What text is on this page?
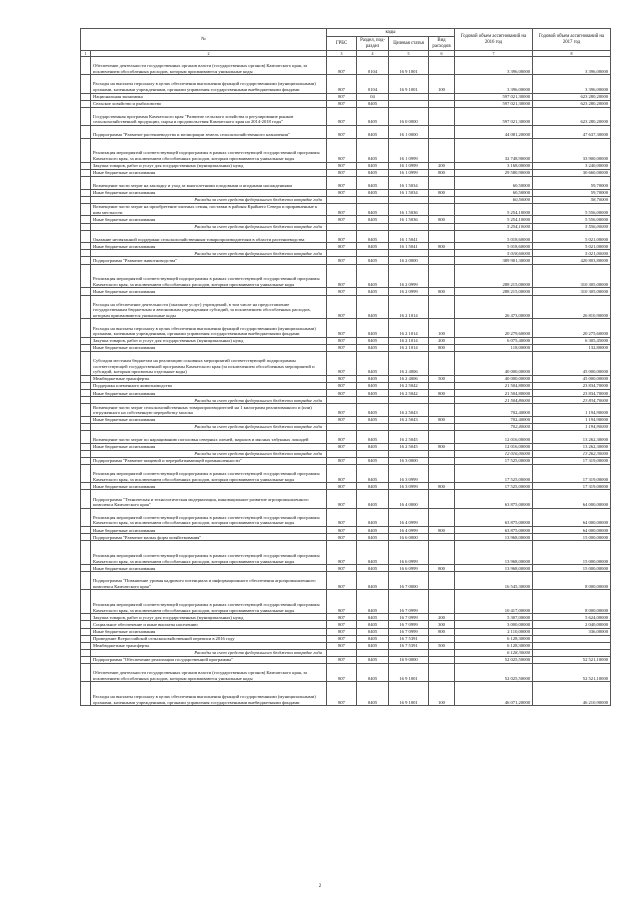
№		коды				Годовой объем ассигнований на 2016 год	Годовой объем ассигнований на 2017 год
		ГРБС	Раздел, под-раздел	Целевая статья	Вид расходов		
1	2	3	4	5	6	7	8
	Обеспечение деятельности государственных органов власти (государственных органов) Камчатского края, за исключением обособленных расходов, которым присваиваются уникальные коды	807	0104	16 9 1001		3 396,00000	3 396,00000
	Расходы на выплаты персоналу в целях обеспечения выполнения функций государственными (муниципальными) органами, казенными учреждениями, органами управления государственными внебюджетными фондами	807	0104	16 9 1001	100	3 396,00000	3 396,00000
	Национальная экономика	807	04			597 021,30000	623 280,20000
	Сельское хозяйство и рыболовство	807	0405			597 021,30000	623 280,20000
	Государственная программа Камчатского края "Развитие сельского хозяйства и регулирование рынков сельскохозяйственной продукции, сырья и продовольствия Камчатского края на 2014-2018 годы"	807	0405	16 0 0000		597 021,30000	623 280,20000
	Подпрограмма "Развитие растениеводства и мелиорации земель сельскохозяйственного назначения"	807	0405	16 1 0000		44 081,20000	47 637,30000
	Реализация мероприятий соответствующей подпрограммы в рамках соответствующей государственной программы Камчатского края, за исключением обособленных расходов, которым присваиваются уникальные коды	807	0405	16 1 0999		32 748,90000	33 900,00000
	Закупка товаров, работ и услуг для государственных (муниципальных) нужд	807	0405	16 1 0999	200	3 168,00000	3 240,00000
	Иные бюджетные ассигнования	807	0405	16 1 0999	800	29 580,90000	30 660,00000
	Возмещение части затрат на закладку и уход за многолетними плодовыми и ягодными насаждениями	807	0405	16 1 5034		60,50000	59,70000
	Иные бюджетные ассигнования	807	0405	16 1 5034	800	60,50000	59,70000
	Расходы за счет средств федерального бюджета вотрядке года					60,50000	58,70000
	Возмещение части затрат на приобретение элитных семян, поставки в районы Крайнего Севера и приравненные к ним местности	807	0405	16 1 5036		5 254,10000	5 556,00000
	Иные бюджетные ассигнования	807	0405	16 1 5036	800	5 254,10000	5 556,00000
	Расходы за счет средств федерального бюджета вотрядке года					5 254,10000	5 556,00000
	Оказание несвязанной поддержки сельскохозяйственным товаропроизводителям в области растениеводства	807	0405	16 1 5041		5 018,60000	5 021,00000
	Иные бюджетные ассигнования	807	0405	16 1 5041	800	5 018,60000	5 021,00000
	Расходы за счет средств федерального бюджета вотрядке года					5 018,60000	5 021,00000
	Подпрограмма "Развитие животноводства"	807	0405	16 2 0000		389 901,30000	420 803,80000
	Реализация мероприятий соответствующей подпрограммы в рамках соответствующей государственной программы Камчатского края, за исключением обособленных расходов, которым присваиваются уникальные коды	807	0405	16 2 0999		288 215,00000	310 305,00000
	Иные бюджетные ассигнования	807	0405	16 2 0999	800	288 215,00000	310 305,00000
	Расходы на обеспечение деятельности (оказание услуг) учреждений, в том числе на предоставление государственным бюджетным и автономным учреждениям субсидий, за исключением обособленных расходов, которым присваиваются уникальные коды	807	0405	16 2 1014		26 473,00000	26 810,90000
	Расходы на выплаты персоналу в целях обеспечения выполнения функций государственными (муниципальными) органами, казенными учреждениями, органами управления государственными внебюджетными фондами	807	0405	16 2 1014	100	20 279,60000	20 275,60000
	Закупка товаров, работ и услуг для государственных (муниципальных) нужд	807	0405	16 2 1014	200	6 075,40000	6 305,45000
	Иные бюджетные ассигнования	807	0405	16 2 1014	800	118,00000	132,80000
	Субсидии местным бюджетам на реализацию основных мероприятий соответствующей подпрограммы соответствующей государственной программы Камчатского края (за исключением обособленных мероприятий и субсидий, которым присвоены отдельные коды)	807	0405	16 2 4006		40 000,00000	45 000,00000
	Межбюджетные трансферты	807	0405	16 2 4006	500	40 000,00000	45 000,00000
	Поддержка племенного животноводства	807	0405	16 2 5042		21 504,80000	23 834,70000
	Иные бюджетные ассигнования	807	0405	16 2 5042	800	21 504,80000	23 834,70000
	Расходы за счет средств федерального бюджета вотрядке года					21 504,80000	23 834,70000
	Возмещение части затрат сельскохозяйственных товаропроизводителей на 1 килограмм реализованного и (или) отгруженного на собственную переработку молока	807	0405	16 2 5043		702,40000	1 194,90000
	Иные бюджетные ассигнования	807	0405	16 2 5043	800	702,40000	1 194,90000
	Расходы за счет средств федерального бюджета вотрядке года					702,40000	1 194,90000
	Возмещение части затрат по наращиванию поголовья северных оленей, маралов и мясных табунных лошадей	807	0405	16 2 5045		12 016,00000	13 262,30000
	Иные бюджетные ассигнования	807	0405	16 2 5045	800	12 016,00000	13 262,30000
	Расходы за счет средств федерального бюджета вотрядке года					12 016,00000	13 262,30000
	Подпрограмма "Развитие пищевой и перерабатывающей промышленности"	807	0405	16 3 0000		17 525,00000	17 319,00000
	Реализация мероприятий соответствующей подпрограммы в рамках соответствующей государственной программы Камчатского края, за исключением обособленных расходов, которым присваиваются уникальные коды	807	0405	16 3 0999		17 525,00000	17 319,00000
	Иные бюджетные ассигнования	807	0405	16 3 0999	800	17 525,00000	17 319,00000
	Подпрограмма "Техническая и технологическая модернизация, инновационное развитие агропромышленного комплекса Камчатского края"	807	0405	16 4 0000		63 875,00000	64 000,00000
	Реализация мероприятий соответствующей подпрограммы в рамках соответствующей государственной программы Камчатского края, за исключением обособленных расходов, которым присваиваются уникальные коды	807	0405	16 4 0999		63 875,00000	64 000,00000
	Иные бюджетные ассигнования	807	0405	16 4 0999	800	63 875,00000	64 000,00000
	Подпрограмма "Развитие малых форм хозяйствования"	807	0405	16 6 0000		13 968,00000	15 000,00000
	Реализация мероприятий соответствующей подпрограммы в рамках соответствующей государственной программы Камчатского края, за исключением обособленных расходов, которым присваиваются уникальные коды	807	0405	16 6 0999		13 968,00000	15 000,00000
	Иные бюджетные ассигнования	807	0405	16 6 0999	800	13 968,00000	15 000,00000
	Подпрограмма "Повышение уровня кадрового потенциала и информационного обеспечения агропромышленного комплекса Камчатского края"	807	0405	16 7 0000		16 545,30000	8 000,00000
	Реализация мероприятий соответствующей подпрограммы в рамках соответствующей государственной программы Камчатского края, за исключением обособленных расходов, которым присваиваются уникальные коды	807	0405	16 7 0999		10 417,00000	8 000,00000
	Закупка товаров, работ и услуг для государственных (муниципальных) нужд	807	0405	16 7 0999	200	5 307,00000	5 624,00000
	Социальное обеспечение и иные выплаты населению	807	0405	16 7 0999	300	3 000,00000	2 040,00000
	Иные бюджетные ассигнования	807	0405	16 7 0999	800	2 110,00000	336,00000
	Проведение Всероссийской сельскохозяйственной переписи в 2016 году	807	0405	16 7 5391		6 128,30000	
	Межбюджетные трансферты	807	0405	16 7 5391	500	6 128,30000	
	Расходы за счет средств федерального бюджета вотрядке года					6 128,30000	
	Подпрограмма "Обеспечение реализации государственной программы"	807	0405	16 9 0000		52 025,50000	52 521,10000
	Обеспечение деятельности государственных органов власти (государственных органов) Камчатского края, за исключением обособленных расходов, которым присваиваются уникальные коды	807	0405	16 9 1001		52 025,50000	52 521,10000
	Расходы на выплаты персоналу в целях обеспечения выполнения функций государственными (муниципальными) органами, казенными учреждениями, органами управления государственными внебюджетными фондами	807	0405	16 9 1001	100	46 071,20000	46 210,90000
2
